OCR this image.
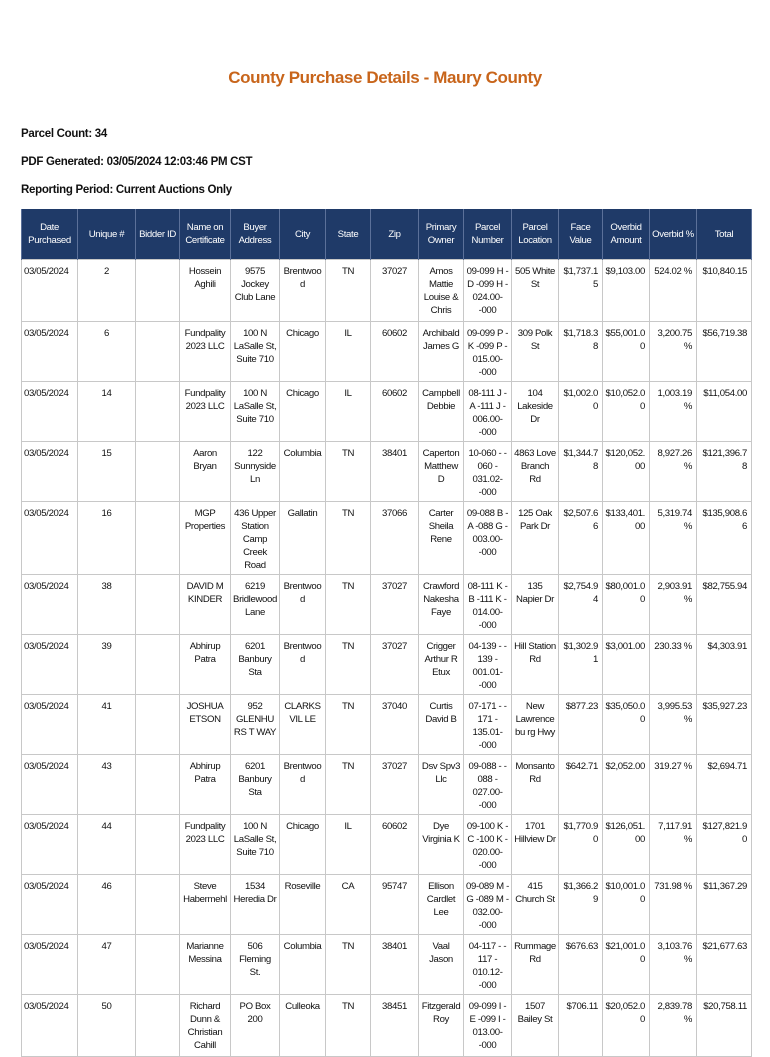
County Purchase Details - Maury County
Parcel Count: 34
PDF Generated: 03/05/2024 12:03:46 PM CST
Reporting Period: Current Auctions Only
Date Purchased	Unique #	Bidder ID	Name on Certificate	Buyer Address	City	State	Zip	Primary Owner	Parcel Number	Parcel Location	Face Value	Overbid Amount	Overbid %	Total
03/05/2024	2		Hossein Aghili	9575 Jockey Club Lane	Brentwood	TN	37027	Amos Mattie Louise & Chris	09-099 H -D -099 H - 024.00- -000	505 White St	$1,737.15	$9,103.00	524.02 %	$10,840.15
03/05/2024	6		Fundpality 2023 LLC	100 N LaSalle St, Suite 710	Chicago	IL	60602	Archibald James G	09-099 P -K -099 P - 015.00- -000	309 Polk St	$1,718.38	$55,001.00	3,200.75 %	$56,719.38
03/05/2024	14		Fundpality 2023 LLC	100 N LaSalle St, Suite 710	Chicago	IL	60602	Campbell Debbie	08-111 J -A -111 J - 006.00- -000	104 Lakeside Dr	$1,002.00	$10,052.00	1,003.19 %	$11,054.00
03/05/2024	15		Aaron Bryan	122 Sunnyside Ln	Columbia	TN	38401	Caperton Matthew D	10-060 - - 060 - 031.02- -000	4863 Love Branch Rd	$1,344.78	$120,052.00	8,927.26 %	$121,396.78
03/05/2024	16		MGP Properties	436 Upper Station Camp Creek Road	Gallatin	TN	37066	Carter Sheila Rene	09-088 B -A -088 G - 003.00- -000	125 Oak Park Dr	$2,507.66	$133,401.00	5,319.74 %	$135,908.66
03/05/2024	38		DAVID M KINDER	6219 Bridlewood Lane	Brentwood	TN	37027	Crawford Nakesha Faye	08-111 K -B -111 K - 014.00- -000	135 Napier Dr	$2,754.94	$80,001.00	2,903.91 %	$82,755.94
03/05/2024	39		Abhirup Patra	6201 Banbury Sta	Brentwood	TN	37027	Crigger Arthur R Etux	04-139 - - 139 - 001.01- -000	Hill Station Rd	$1,302.91	$3,001.00	230.33 %	$4,303.91
03/05/2024	41		JOSHUA ETSON	952 GLENHURS T WAY	CLARKSVIL LE	TN	37040	Curtis David B	07-171 - - 171 - 135.01- -000	New Lawrencebu rg Hwy	$877.23	$35,050.00	3,995.53 %	$35,927.23
03/05/2024	43		Abhirup Patra	6201 Banbury Sta	Brentwood	TN	37027	Dsv Spv3 Llc	09-088 - - 088 - 027.00- -000	Monsanto Rd	$642.71	$2,052.00	319.27 %	$2,694.71
03/05/2024	44		Fundpality 2023 LLC	100 N LaSalle St, Suite 710	Chicago	IL	60602	Dye Virginia K	09-100 K -C -100 K - 020.00- -000	1701 Hillview Dr	$1,770.90	$126,051.00	7,117.91 %	$127,821.90
03/05/2024	46		Steve Habermehl	1534 Heredia Dr	Roseville	CA	95747	Ellison Cardlet Lee	09-089 M -G -089 M - 032.00- -000	415 Church St	$1,366.29	$10,001.00	731.98 %	$11,367.29
03/05/2024	47		Marianne Messina	506 Fleming St.	Columbia	TN	38401	Vaal Jason	04-117 - - 117 - 010.12- -000	Rummage Rd	$676.63	$21,001.00	3,103.76 %	$21,677.63
03/05/2024	50		Richard Dunn & Christian Cahill	PO Box 200	Culleoka	TN	38451	Fitzgerald Roy	09-099 I -E -099 I - 013.00- -000	1507 Bailey St	$706.11	$20,052.00	2,839.78 %	$20,758.11
